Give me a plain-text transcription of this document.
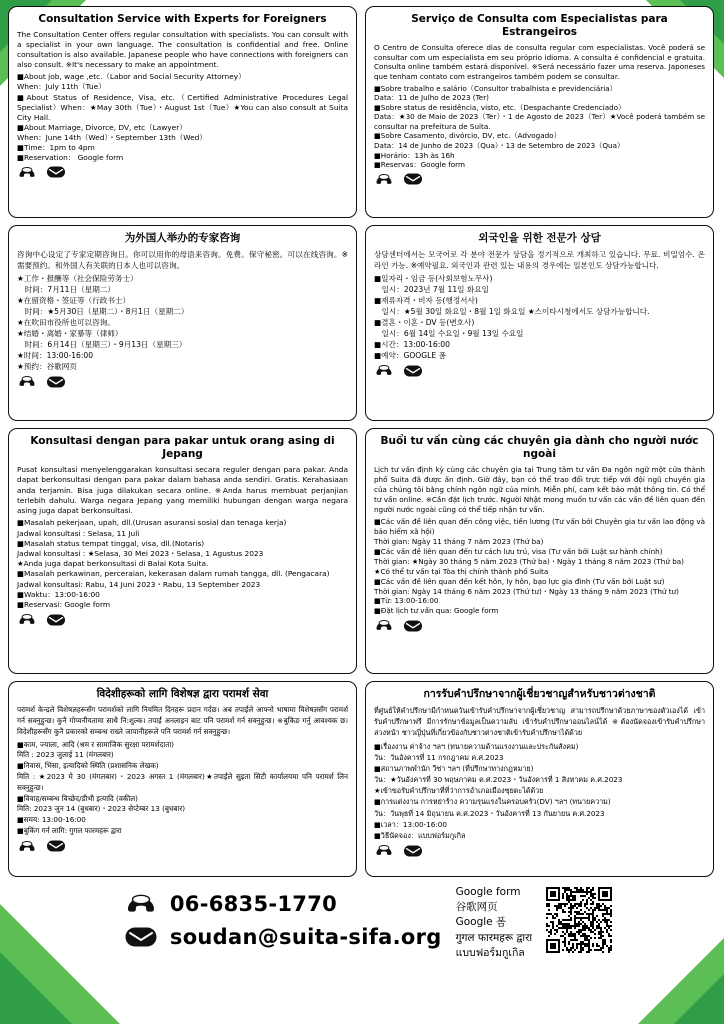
Consultation Service with Experts for Foreigners

The Consultation Center offers regular consultation with specialists. You can consult with a specialist in your own language. The consultation is confidential and free. Online consultation is also available. Japanese people who have connections with foreigners can also consult. ※It's necessary to make an appointment.

■About job, wage ,etc.（Labor and Social Security Attorney）

When：July 11th（Tue）

■About Status of Residence, Visa, etc.（Certified Administrative Procedures Legal Specialist）When：★May 30th（Tue）・August 1st（Tue）★You can also consult at Suita City Hall.

■About Marriage, Divorce, DV, etc（Lawyer）

When：June 14th（Wed）・September 13th（Wed）

■Time：1pm to 4pm

■Reservation： Google form

Serviço de Consulta com Especialistas para Estrangeiros

O Centro de Consulta oferece dias de consulta regular com especialistas. Você poderá se consultar com um especialista em seu próprio idioma. A consulta é confidencial e gratuita. Consulta online também estará disponível. ※Será necessário fazer uma reserva. Japoneses que tenham contato com estrangeiros também podem se consultar.

■Sobre trabalho e salário（Consultor trabalhista e previdenciária）

Data：11 de Julho de 2023 (Ter)

■Sobre status de residência, visto, etc.（Despachante Credenciado）

Data：★30 de Maio de 2023（Ter）・1 de Agosto de 2023（Ter）★Você poderá também se consultar na prefeitura de Suita.

■Sobre Casamento, divórcio, DV, etc.（Advogado）

Data：14 de Junho de 2023（Qua）・13 de Setembro de 2023（Qua）

■Horário：13h às 16h

■Reservas：Google form

为外国人举办的专家咨询

咨询中心设定了专家定期咨询日。你可以用你的母语来咨询。免费。保守秘密。可以在线咨询。※需要预约。和外国人有关联的日本人也可以咨询。

★工作・报酬等（社会保险劳务士）

　时间：7月11日（星期二）

★在留资格・签证等（行政书士）

　时间：★5月30日（星期二）・8月1日（星期二）

★在吹田市役所也可以咨询。

★结婚・离婚・家暴等（律师）

　时间：6月14日（星期三）・9月13日（星期三）

★时间：13:00-16:00

★预约：谷歌网页

외국인을 위한 전문가 상담

상담센터에서는 모국어로 각 분야 전문가 상담을 정기적으로 개최하고 있습니다. 무료. 비밀엄수. 온라인 가능. ※예약필요. 외국인과 관련 있는 내용의 경우에는 일본인도 상담가능합니다.

■일자리・임금 등(사회보험노무사)

　일시：2023년 7월 11일 화요일

■재류자격・비자 등(행정서사)

　일시：★5월 30일 화요일・8월 1일 화요일 ★스이타시청에서도 상담가능합니다.

■결혼・이혼・DV 등(변호사)

　일시：6월 14일 수요일・9월 13일 수요일

■시간：13:00-16:00

■예약：GOOGLE 폼

Konsultasi dengan para pakar untuk orang asing di Jepang

Pusat konsultasi menyelenggarakan konsultasi secara reguler dengan para pakar. Anda dapat berkonsultasi dengan para pakar dalam bahasa anda sendiri. Gratis. Kerahasiaan anda terjamin. Bisa juga dilakukan secara online. ※Anda harus membuat perjanjian terlebih dahulu. Warga negara Jepang yang memiliki hubungan dengan warga negara asing juga dapat berkonsultasi.

■Masalah pekerjaan, upah, dll.(Urusan asuransi sosial dan tenaga kerja)

Jadwal konsultasi : Selasa, 11 Juli

■Masalah status tempat tinggal, visa, dll.(Notaris)

Jadwal konsultasi : ★Selasa, 30 Mei 2023・Selasa, 1 Agustus 2023

★Anda juga dapat berkonsultasi di Balai Kota Suita.

■Masalah perkawinan, perceraian, kekerasan dalam rumah tangga, dll. (Pengacara)

Jadwal konsultasi: Rabu, 14 Juni 2023・Rabu, 13 September 2023

■Waktu：13:00-16:00

■Reservasi: Google form

Buổi tư vấn cùng các chuyên gia dành cho người nước ngoài

Lịch tư vấn định kỳ cùng các chuyên gia tại Trung tâm tư vấn Đa ngôn ngữ một cửa thành phố Suita đã được ấn định. Giờ đây, bạn có thể trao đổi trực tiếp với đội ngũ chuyên gia của chúng tôi bằng chính ngôn ngữ của mình. Miễn phí, cam kết bảo mật thông tin. Có thể tư vấn online. ※Cần đặt lịch trước. Người Nhật mong muốn tư vấn các vấn đề liên quan đến người nước ngoài cũng có thể tiếp nhận tư vấn.

■Các vấn đề liên quan đến công việc, tiền lương (Tư vấn bởi Chuyên gia tư vấn lao động và bảo hiểm xã hội)

Thời gian: Ngày 11 tháng 7 năm 2023 (Thứ ba)

■Các vấn đề liên quan đến tư cách lưu trú, visa (Tư vấn bởi Luật sư hành chính)

Thời gian: ★Ngày 30 tháng 5 năm 2023 (Thứ ba)・Ngày 1 tháng 8 năm 2023 (Thứ ba)

★Có thể tư vấn tại Tòa thị chính thành phố Suita

■Các vấn đề liên quan đến kết hôn, ly hôn, bạo lực gia đình (Tư vấn bởi Luật sư)

Thời gian: Ngày 14 tháng 6 năm 2023 (Thứ tư)・Ngày 13 tháng 9 năm 2023 (Thứ tư)

■Từ: 13:00-16:00

■Đặt lịch tư vấn qua: Google form

विदेशीहरूको लागि विशेषज्ञ द्वारा परामर्श सेवा

परामर्श केन्द्रले विशेषज्ञहरूसँग परामर्शको लागि नियमित दिनहरू प्रदान गर्दछ। अब तपाईंले आफ्नो भाषामा विशेषज्ञसँग परामर्श गर्न सक्नुहुन्छ। कुनै गोप्यनीयतामा साथै नि:शुल्क। तपाईं अनलाइन बाट पनि परामर्श गर्न सक्नुहुन्छ। ※बुकिङ गर्नु आवश्यक छ। विदेशीहरूसँग कुनै प्रकारको सम्बन्ध राख्ने जापानीहरूले पनि परामर्श गर्न सक्नुहुन्छ।

■काम, ज्याला, आदि (श्रम र सामाजिक सुरक्षा परामर्शदाता)

मिति : 2023 जुलाई 11 (मंगलबार)

■निवास, भिसा, इत्यादिको स्थिति (प्रशासनिक लेखक)

मिति : ★2023 मे 30 (मंगलबार)・2023 अगस्त 1 (मंगलबार)★तपाईंले सुइता सिटी कार्यालयमा पनि परामर्श लिन सक्नुहुन्छ।

■विवाह/सम्बन्ध विच्छेद/डीभी इत्यादि (वकील)

मिति: 2023 जुन 14 (बुधबार)・2023 सेप्टेम्बर 13 (बुधबार)

■समय: 13:00-16:00

■बुकिंग गर्न लागि: गुगल फारमहरू द्वारा

การรับคำปรึกษาจากผู้เชี่ยวชาญสำหรับชาวต่างชาติ

ที่ศูนย์ให้คำปรึกษามีกำหนดวันเข้ารับคำปรึกษาจากผู้เชี่ยวชาญ สามารถปรึกษาด้วยภาษาของตัวเองได้ เข้ารับคำปรึกษาฟรี มีการรักษาข้อมูลเป็นความลับ เข้ารับคำปรึกษาออนไลน์ได้ ※ต้องนัดจองเข้ารับคำปรึกษาล่วงหน้า ชาวญี่ปุ่นที่เกี่ยวข้องกับชาวต่างชาติเข้ารับคำปรึกษาได้ด้วย

■เรื่องงาน ค่าจ้าง ฯลฯ (ทนายความด้านแรงงานและประกันสังคม)

วัน：วันอังคารที่ 11 กรกฎาคม ค.ศ.2023

■สถานภาพพำนัก วีซ่า ฯลฯ (ที่ปรึกษาทางกฎหมาย)

วัน：★วันอังคารที่ 30 พฤษภาคม ค.ศ.2023・วันอังคารที่ 1 สิงหาคม ค.ศ.2023

★เข้าขอรับคำปรึกษาที่ที่ว่าการอำเภอเมืองซุยตะได้ด้วย

■การแต่งงาน การหย่าร้าง ความรุนแรงในครอบครัว(DV) ฯลฯ (ทนายความ)

วัน：วันพุธที่ 14 มิถุนายน ค.ศ.2023・วันอังคารที่ 13 กันยายน ค.ศ.2023

■เวลา：13:00-16:00

■วิธีนัดจอง：แบบฟอร์มกูเกิล

06-6835-1770
soudan@suita-sifa.org
Google form
谷歌网页
Google 폼
गुगल फारमहरू द्वारा
แบบฟอร์มกูเกิล
